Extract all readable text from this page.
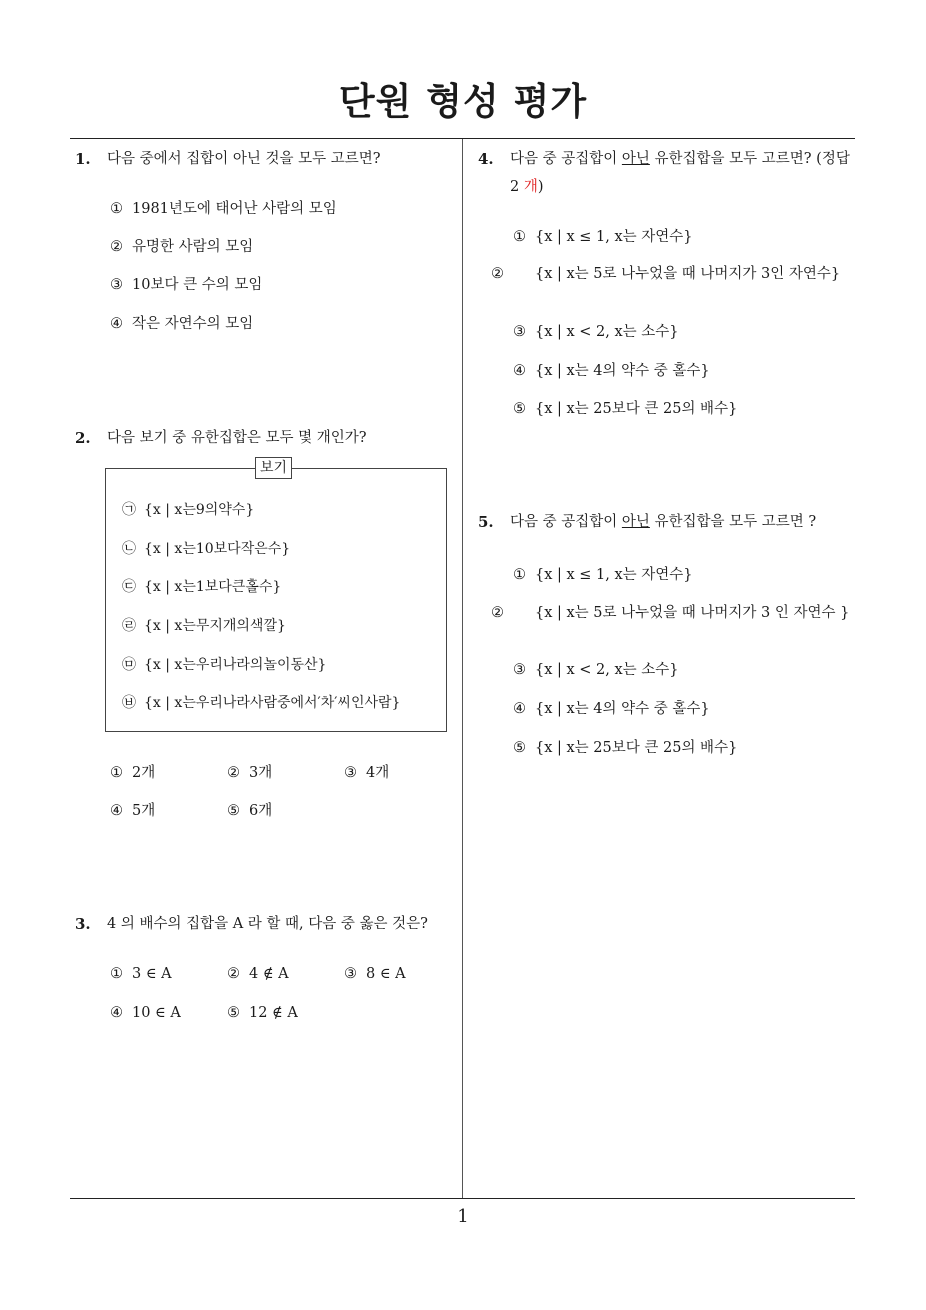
단원 형성 평가
1. 다음 중에서 집합이 아닌 것을 모두 고르면?
① 1981년도에 태어난 사람의 모임
② 유명한 사람의 모임
③ 10보다 큰 수의 모임
④ 작은 자연수의 모임
2. 다음 보기 중 유한집합은 모두 몇 개인가?
보기
㉠ {x | x는9의약수}
㉡ {x | x는10보다작은수}
㉢ {x | x는1보다큰홀수}
㉣ {x | x는무지개의색깔}
㉤ {x | x는우리나라의놀이동산}
㉥ {x | x는우리나라사람중에서′차′씨인사람}
① 2개	② 3개	③ 4개
④ 5개	⑤ 6개
3. 4 의 배수의 집합을 A 라 할 때, 다음 중 옳은 것은?
① 3 ∈ A	② 4 ∉ A	③ 8 ∈ A
④ 10 ∈ A	⑤ 12 ∉ A
4. 다음 중 공집합이 아닌 유한집합을 모두 고르면? (정답
2 개)
① {x | x ≤ 1, x는 자연수}
② {x | x는 5로 나누었을 때 나머지가 3인 자연수}
③ {x | x < 2, x는 소수}
④ {x | x는 4의 약수 중 홀수}
⑤ {x | x는 25보다 큰 25의 배수}
5. 다음 중 공집합이 아닌 유한집합을 모두 고르면 ?
① {x | x ≤ 1, x는 자연수}
② {x | x는 5로 나누었을 때 나머지가 3 인 자연수 }
③ {x | x < 2, x는 소수}
④ {x | x는 4의 약수 중 홀수}
⑤ {x | x는 25보다 큰 25의 배수}
1
